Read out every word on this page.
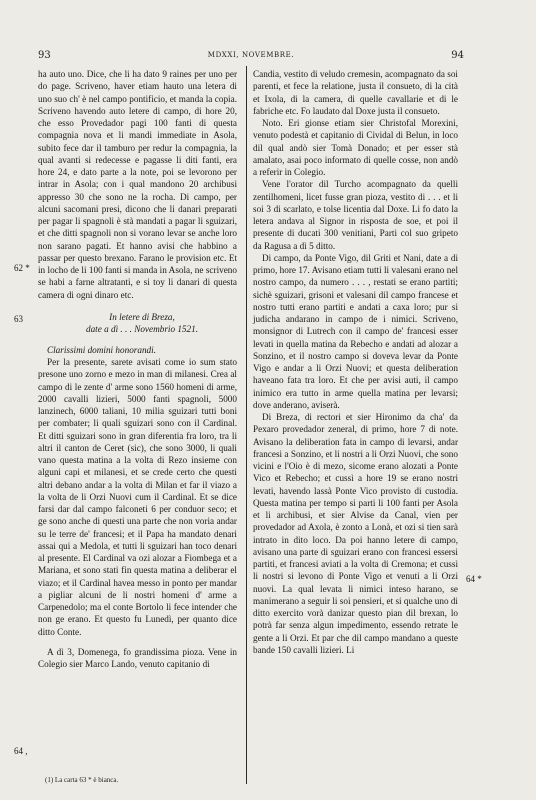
93	MDXXI, NOVEMBRE.	94
62 *
63
64 ,
64 *

ha auto uno. Dice, che li ha dato 9 raines per uno per do page. Scriveno, haver etiam hauto una letera di uno suo ch' è nel campo pontificio, et manda la copia. Scriveno havendo auto letere di campo, di hore 20, che esso Provedador pagi 100 fanti di questa compagnia nova et li mandi immediate in Asola, subito fece dar il tamburo per redur la compagnia, la qual avanti si redecesse e pagasse li diti fanti, era hore 24, e dato parte a la note, poi se levorono per intrar in Asola; con i qual mandono 20 archibusi appresso 30 che sono ne la rocha. Di campo, per alcuni sacomani presi, dicono che li danari preparati per pagar li spagnoli è stà mandati a pagar li sguizari, et che ditti spagnoli non si vorano levar se anche loro non sarano pagati. Et hanno avisi che habbino a passar per questo brexano. Farano le provision etc. Et in locho de li 100 fanti si manda in Asola, ne scriveno se habi a farne altratanti, e si toy li danari di questa camera di ogni dinaro etc.

In letere di Breza,

date a dì . . . Novembrio 1521.

Clarissimi domini honorandi.

Per la presente, sarete avisati come io sum stato presone uno zorno e mezo in man di milanesi. Crea al campo di le zente d' arme sono 1560 homeni di arme, 2000 cavalli lizieri, 5000 fanti spagnoli, 5000 lanzinech, 6000 taliani, 10 milia sguizari tutti boni per combater; li quali sguizari sono con il Cardinal. Et ditti sguizari sono in gran diferentia fra loro, tra li altri il canton de Ceret (sic), che sono 3000, li quali vano questa matina a la volta di Rezo insieme con alguni capi et milanesi, et se crede certo che questi altri debano andar a la volta di Milan et far il viazo a la volta de li Orzi Nuovi cum il Cardinal. Et se dice farsi dar dal campo falconeti 6 per conduor seco; et ge sono anche di questi una parte che non voria andar su le terre de' francesi; et il Papa ha mandato denari assai qui a Medola, et tutti li sguizari han toco denari al presente. El Cardinal va ozi alozar a Fiombega et a Mariana, et sono stati fin questa matina a deliberar el viazo; et il Cardinal havea messo in ponto per mandar a pigliar alcuni de li nostri homeni d' arme a Carpenedolo; ma el conte Bortolo li fece intender che non ge erano. Et questo fu Lunedì, per quanto dice ditto Conte.

A dì 3, Domenega, fo grandissima pioza. Vene in Colegio sier Marco Lando, venuto capitanio di

Candia, vestito di veludo cremesin, acompagnato da soi parenti, et fece la relatione, justa il consueto, di la cità et Ixola, di la camera, di quelle cavallarie et di le fabriche etc. Fo laudato dal Doxe justa il consueto.

Noto. Eri gionse etiam sier Christofal Morexini, venuto podestà et capitanio di Cividal di Belun, in loco dil qual andò sier Tomà Donado; et per esser stà amalato, asai poco informato di quelle cosse, non andò a referir in Colegio.

Vene l'orator dil Turcho acompagnato da quelli zentilhomeni, licet fusse gran pioza, vestito di . . . et li soi 3 di scarlato, e tolse licentia dal Doxe. Li fo dato la letera andava al Signor in risposta de soe, et poi il presente di ducati 300 venitiani, Parti col suo gripeto da Ragusa a dì 5 ditto.

Di campo, da Ponte Vigo, dil Griti et Nani, date a dì primo, hore 17. Avisano etiam tutti li valesani erano nel nostro campo, da numero . . . , restati se erano partiti; sichè sguizari, grisoni et valesani dil campo francese et nostro tutti erano partiti e andati a caxa loro; pur si judicha andarano in campo de i nimici. Scriveno, monsignor di Lutrech con il campo de' francesi esser levati in quella matina da Rebecho e andati ad alozar a Sonzino, et il nostro campo si doveva levar da Ponte Vigo e andar a li Orzi Nuovi; et questa deliberation haveano fata tra loro. Et che per avisi auti, il campo inimico era tutto in arme quella matina per levarsi; dove anderano, aviserà.

Di Breza, di rectori et sier Hironimo da cha' da Pexaro provedador zeneral, di primo, hore 7 di note. Avisano la deliberation fata in campo di levarsi, andar francesi a Sonzino, et li nostri a li Orzi Nuovi, che sono vicini e l'Oio è di mezo, sicome erano alozati a Ponte Vico et Rebecho; et cussì a hore 19 se erano nostri levati, havendo lassà Ponte Vico provisto di custodia. Questa matina per tempo si parti li 100 fanti per Asola et li archibusi, et sier Alvise da Canal, vien per provedador ad Axola, è zonto a Lonà, et ozi si tien sarà intrato in dito loco. Da poi hanno letere di campo, avisano una parte di sguizari erano con francesi essersi partiti, et francesi aviati a la volta di Cremona; et cussì li nostri si levono di Ponte Vigo et venuti a li Orzi nuovi. La qual levata li nimici inteso harano, se manimerano a seguir li soi pensieri, et si qualche uno di ditto exercito vorà danizar questo pian dil brexan, lo potrà far senza algun impedimento, essendo retrate le gente a li Orzi. Et par che dil campo mandano a queste bande 150 cavalli lizieri. Li

(1) La carta 63 * è bianca.
